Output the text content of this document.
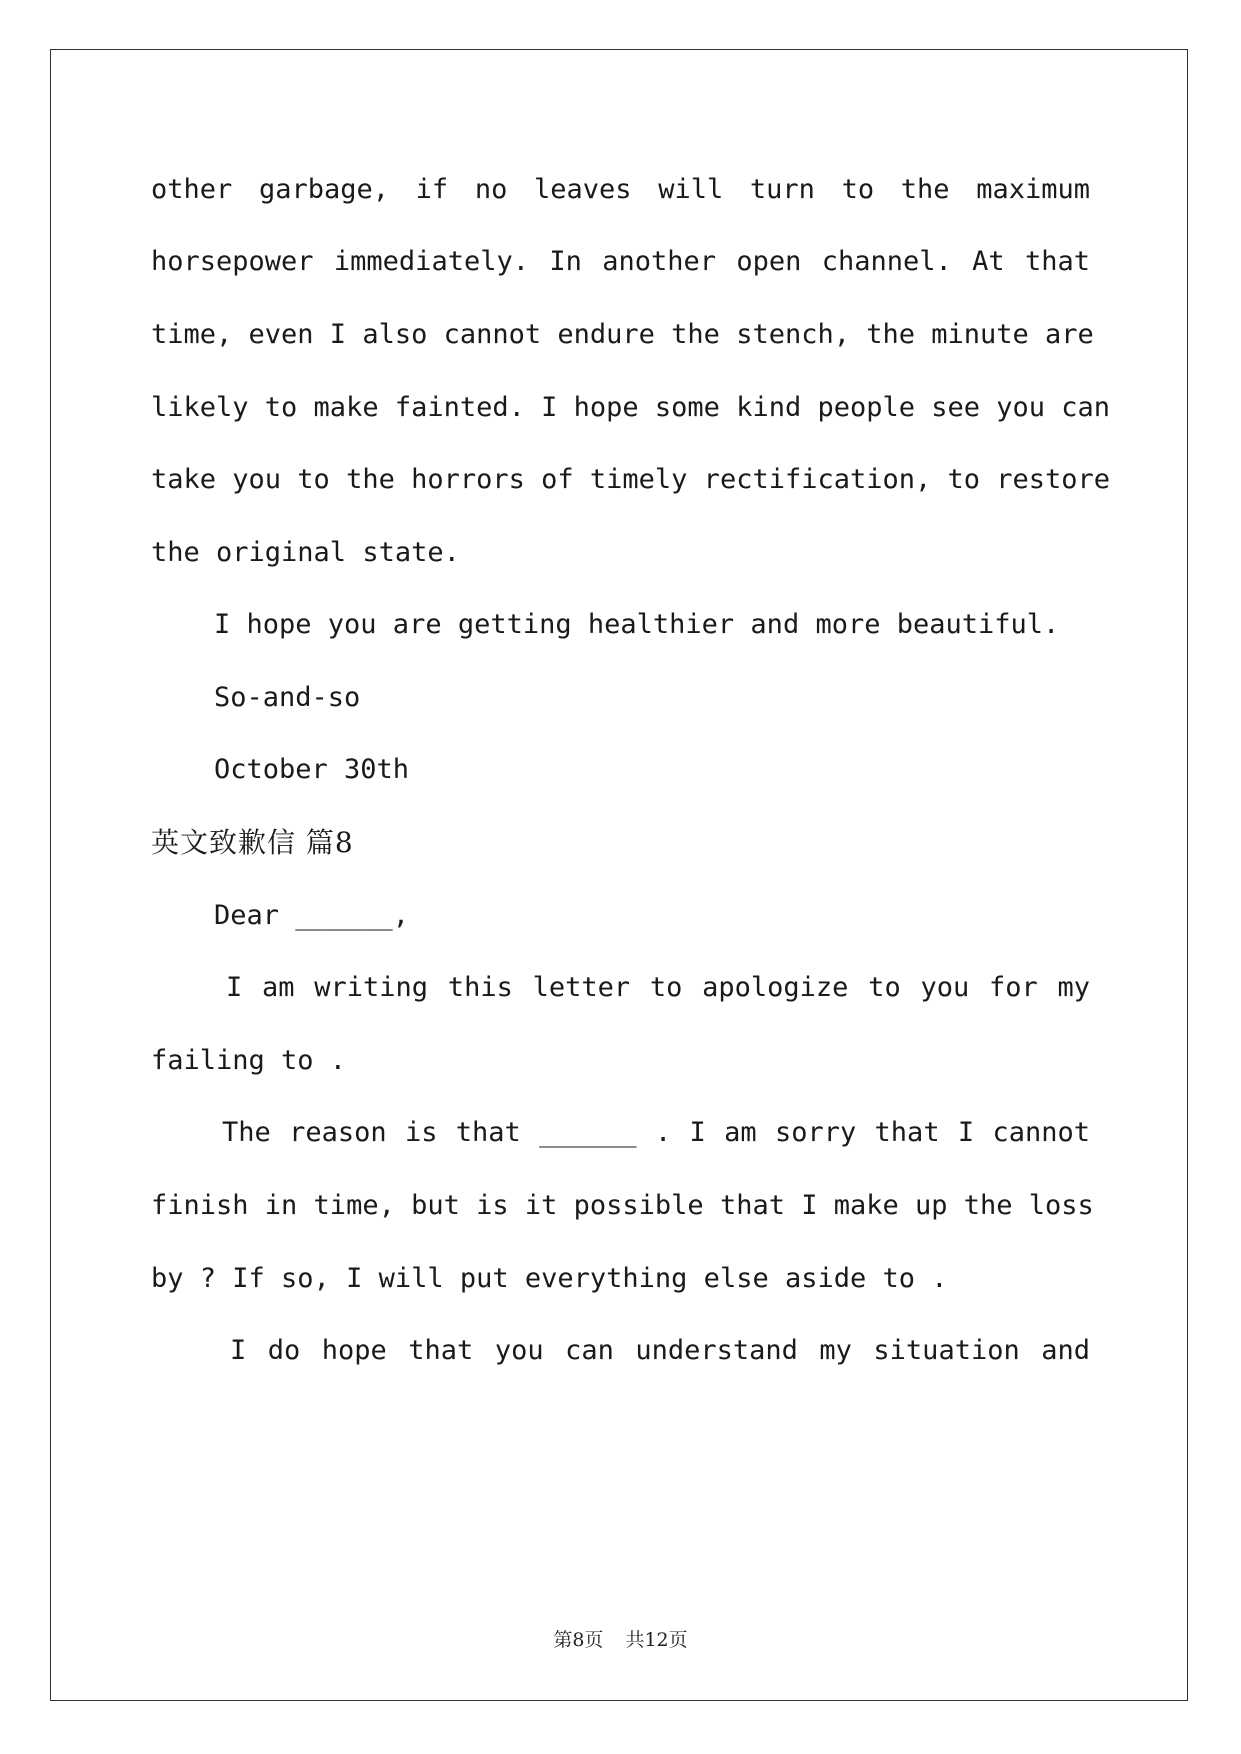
other garbage, if no leaves will turn to the maximum
horsepower immediately. In another open channel. At that
time, even I also cannot endure the stench, the minute are
likely to make fainted. I hope some kind people see you can
take you to the horrors of timely rectification, to restore
the original state.
I hope you are getting healthier and more beautiful.
So-and-so
October 30th
英文致歉信 篇8
Dear ______,
I am writing this letter to apologize to you for my
failing to .
The reason is that ______ . I am sorry that I cannot
finish in time, but is it possible that I make up the loss
by ? If so, I will put everything else aside to .
I do hope that you can understand my situation and
第8页 共12页
